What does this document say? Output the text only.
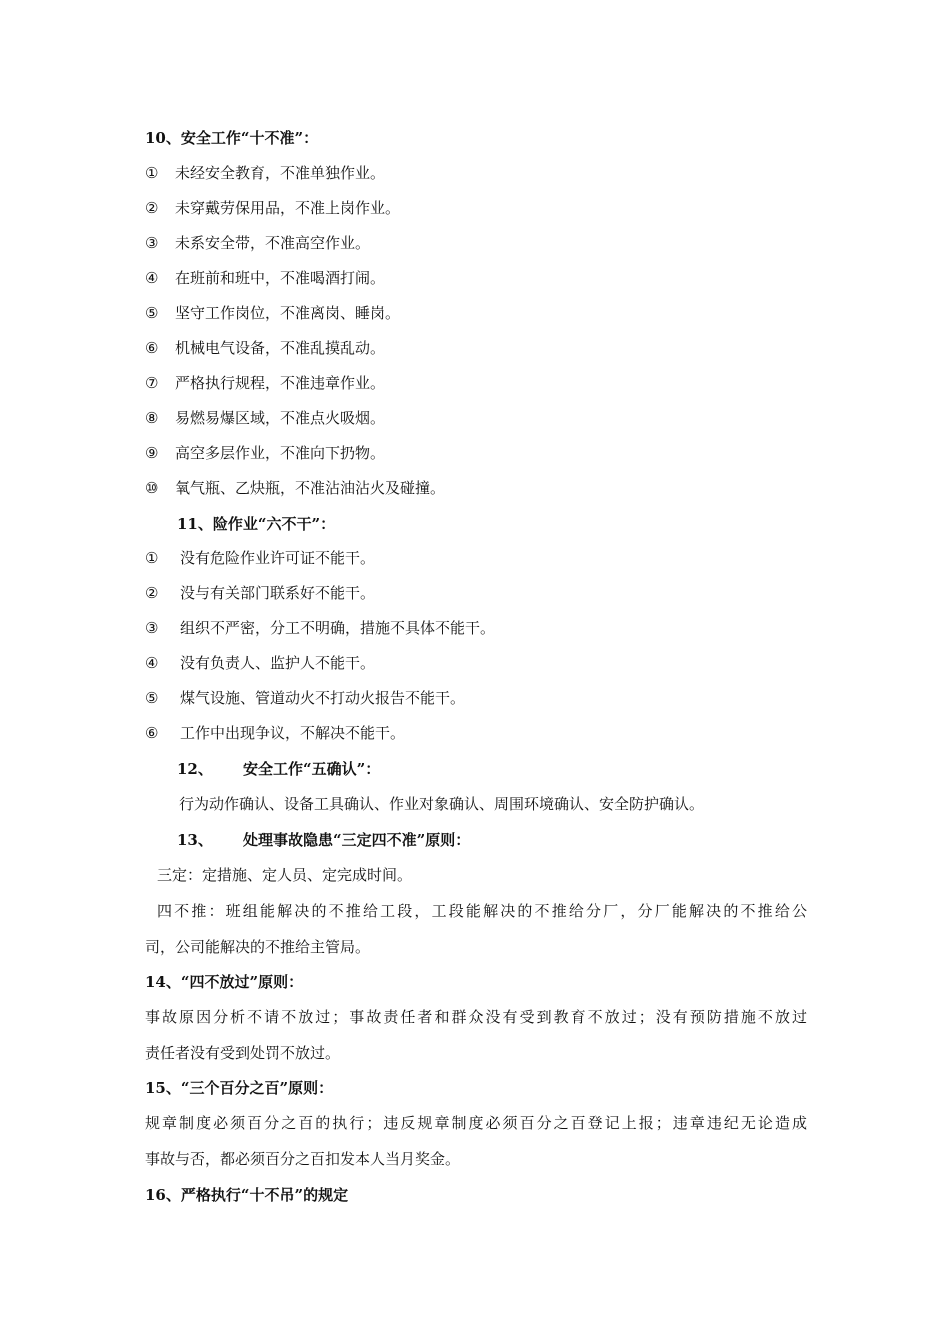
10、安全工作“十不准”：
① 未经安全教育，不准单独作业。
② 未穿戴劳保用品，不准上岗作业。
③ 未系安全带，不准高空作业。
④ 在班前和班中，不准喝酒打闹。
⑤ 坚守工作岗位，不准离岗、睡岗。
⑥ 机械电气设备，不准乱摸乱动。
⑦ 严格执行规程，不准违章作业。
⑧ 易燃易爆区域，不准点火吸烟。
⑨ 高空多层作业，不准向下扔物。
⑩ 氧气瓶、乙炔瓶，不准沾油沾火及碰撞。
11、险作业“六不干”：
① 没有危险作业许可证不能干。
② 没与有关部门联系好不能干。
③ 组织不严密，分工不明确，措施不具体不能干。
④ 没有负责人、监护人不能干。
⑤ 煤气设施、管道动火不打动火报告不能干。
⑥ 工作中出现争议，不解决不能干。
12、 安全工作“五确认”：
行为动作确认、设备工具确认、作业对象确认、周围环境确认、安全防护确认。
13、 处理事故隐患“三定四不准”原则：
三定：定措施、定人员、定完成时间。
四不推：班组能解决的不推给工段，工段能解决的不推给分厂，分厂能解决的不推给公
司，公司能解决的不推给主管局。
14、“四不放过”原则：
事故原因分析不请不放过；事故责任者和群众没有受到教育不放过；没有预防措施不放过
责任者没有受到处罚不放过。
15、“三个百分之百”原则：
规章制度必须百分之百的执行；违反规章制度必须百分之百登记上报；违章违纪无论造成
事故与否，都必须百分之百扣发本人当月奖金。
16、严格执行“十不吊”的规定
